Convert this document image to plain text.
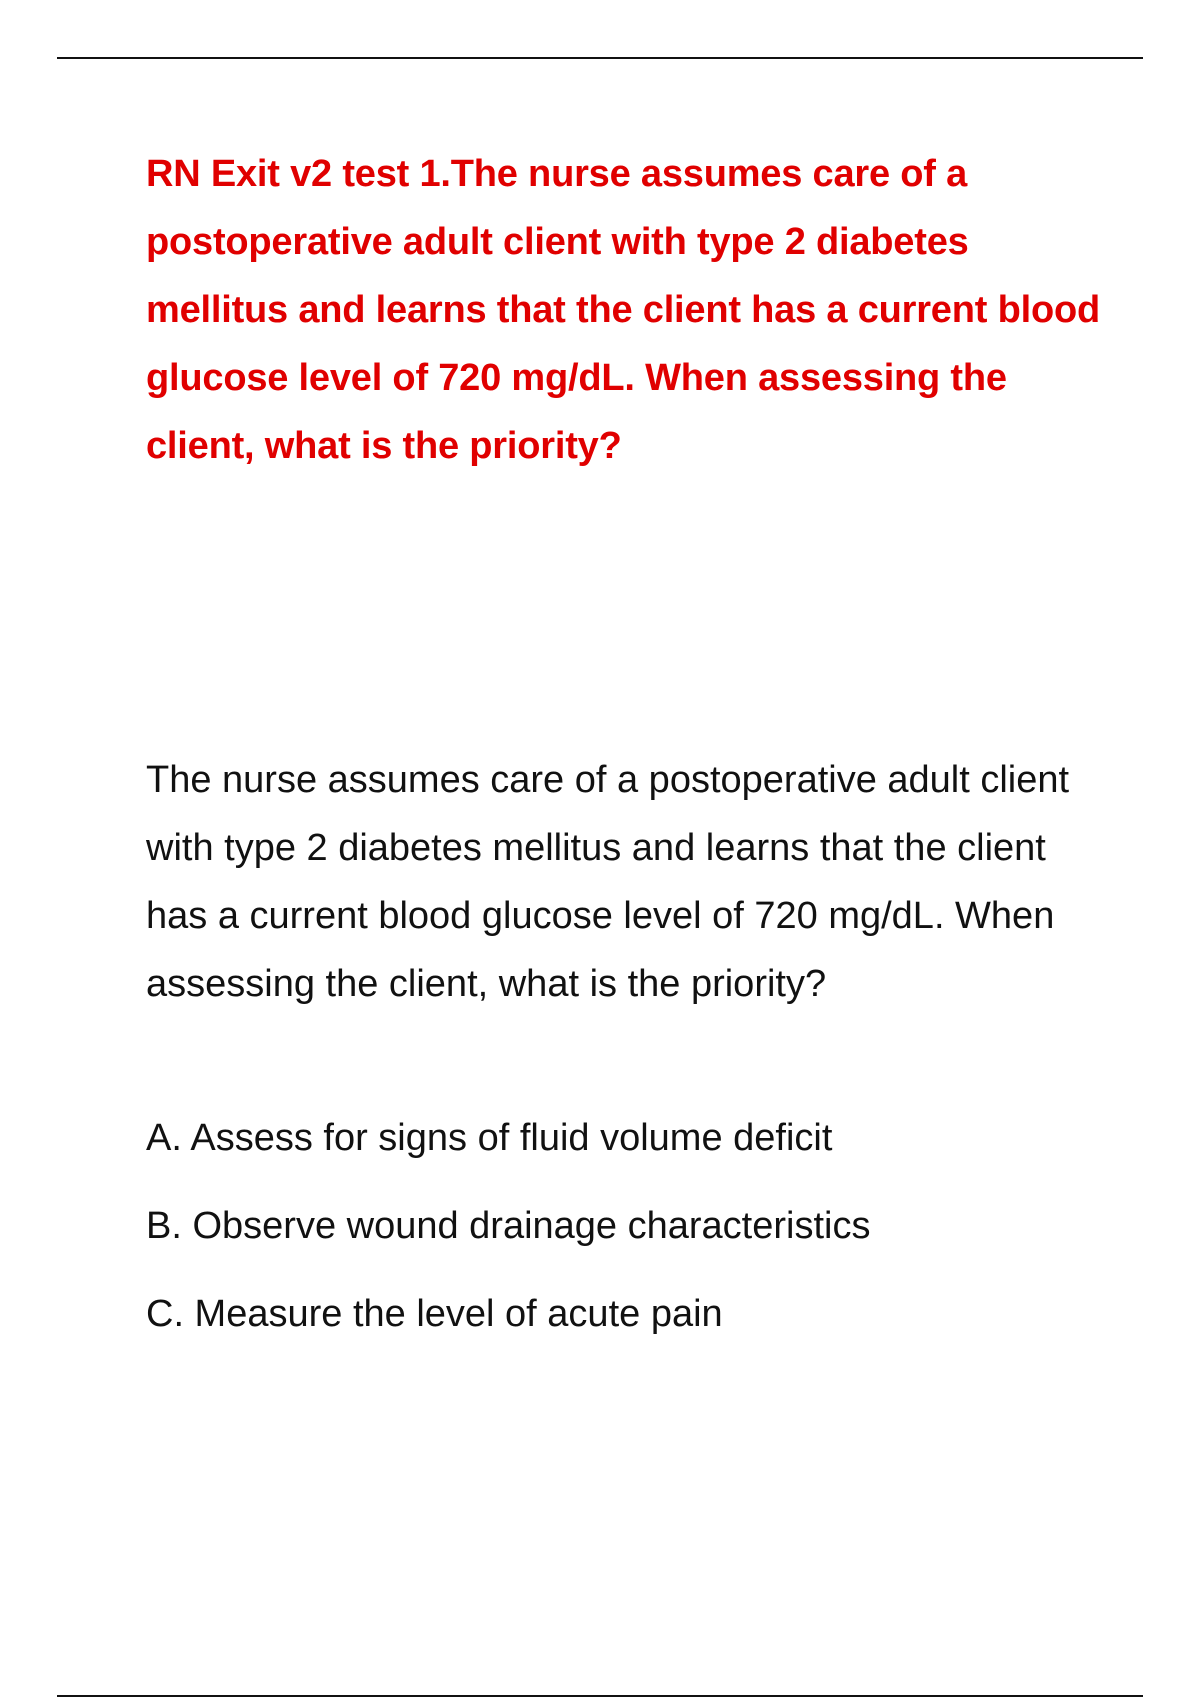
RN Exit v2 test 1.The nurse assumes care of a postoperative adult client with type 2 diabetes mellitus and learns that the client has a current blood glucose level of 720 mg/dL. When assessing the client, what is the priority?

The nurse assumes care of a postoperative adult client with type 2 diabetes mellitus and learns that the client has a current blood glucose level of 720 mg/dL. When assessing the client, what is the priority?

A. Assess for signs of fluid volume deficit
B. Observe wound drainage characteristics
C. Measure the level of acute pain
